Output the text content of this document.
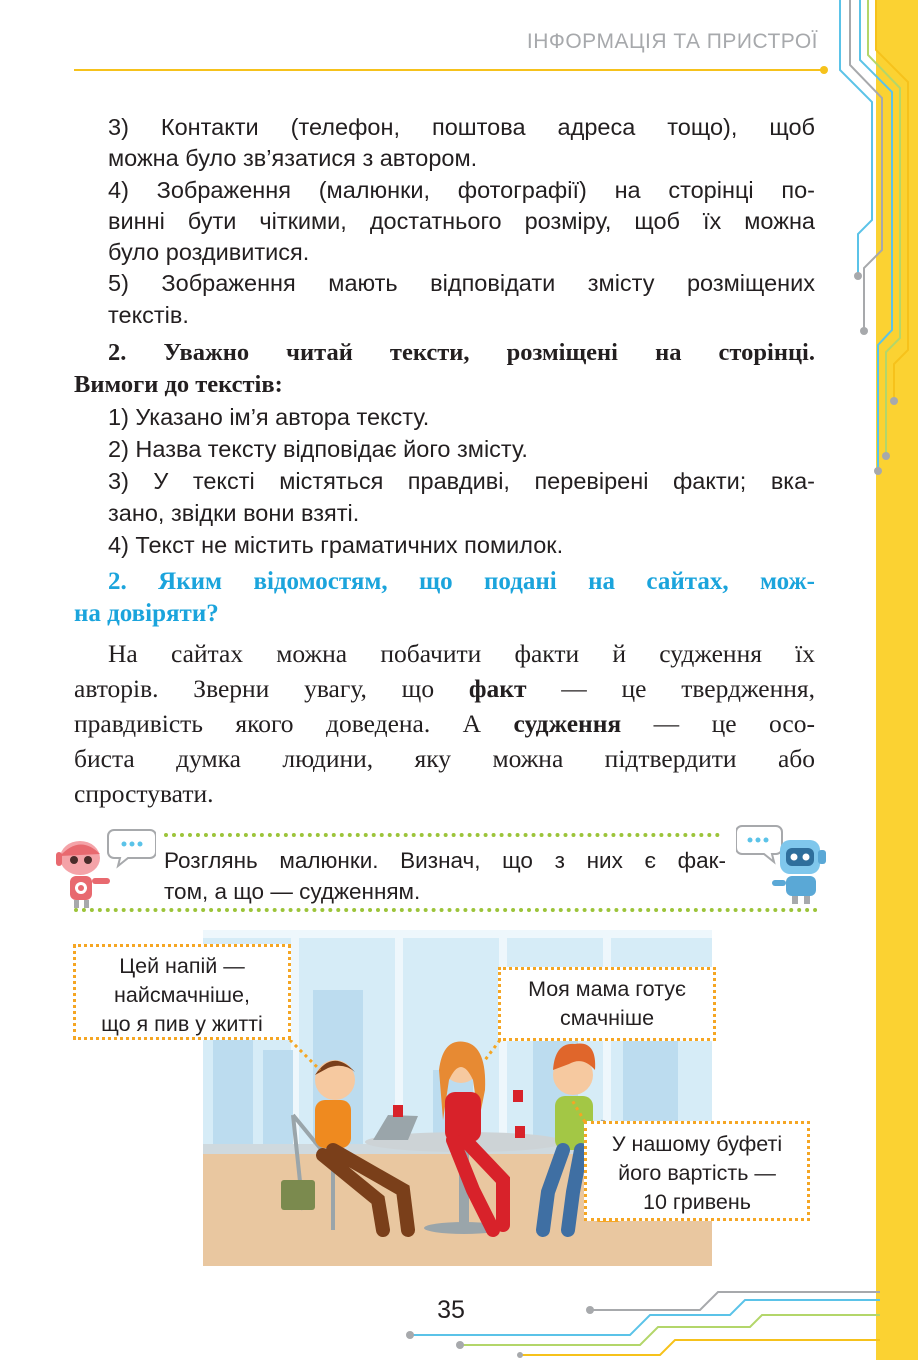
ІНФОРМАЦІЯ ТА ПРИСТРОЇ
3) Контакти (телефон, поштова адреса тощо), щоб
можна було зв’язатися з автором.
4) Зображення (малюнки, фотографії) на сторінці по-
винні бути чіткими, достатнього розміру, щоб їх можна
було роздивитися.
5) Зображення мають відповідати змісту розміщених
текстів.
2. Уважно читай тексти, розміщені на сторінці.
Вимоги до текстів:
1) Указано ім’я автора тексту.
2) Назва тексту відповідає його змісту.
3) У тексті містяться правдиві, перевірені факти; вка-
зано, звідки вони взяті.
4) Текст не містить граматичних помилок.
2. Яким відомостям, що подані на сайтах, мож-
на довіряти?
На сайтах можна побачити факти й судження їх
авторів. Зверни увагу, що факт — це твердження,
правдивість якого доведена. А судження — це осо-
биста думка людини, яку можна підтвердити або
спростувати.
Розглянь малюнки. Визнач, що з них є фак-
том, а що — судженням.
Цей напій —
найсмачніше,
що я пив у житті
Моя мама готує
смачніше
У нашому буфеті
його вартість —
10 гривень
35
